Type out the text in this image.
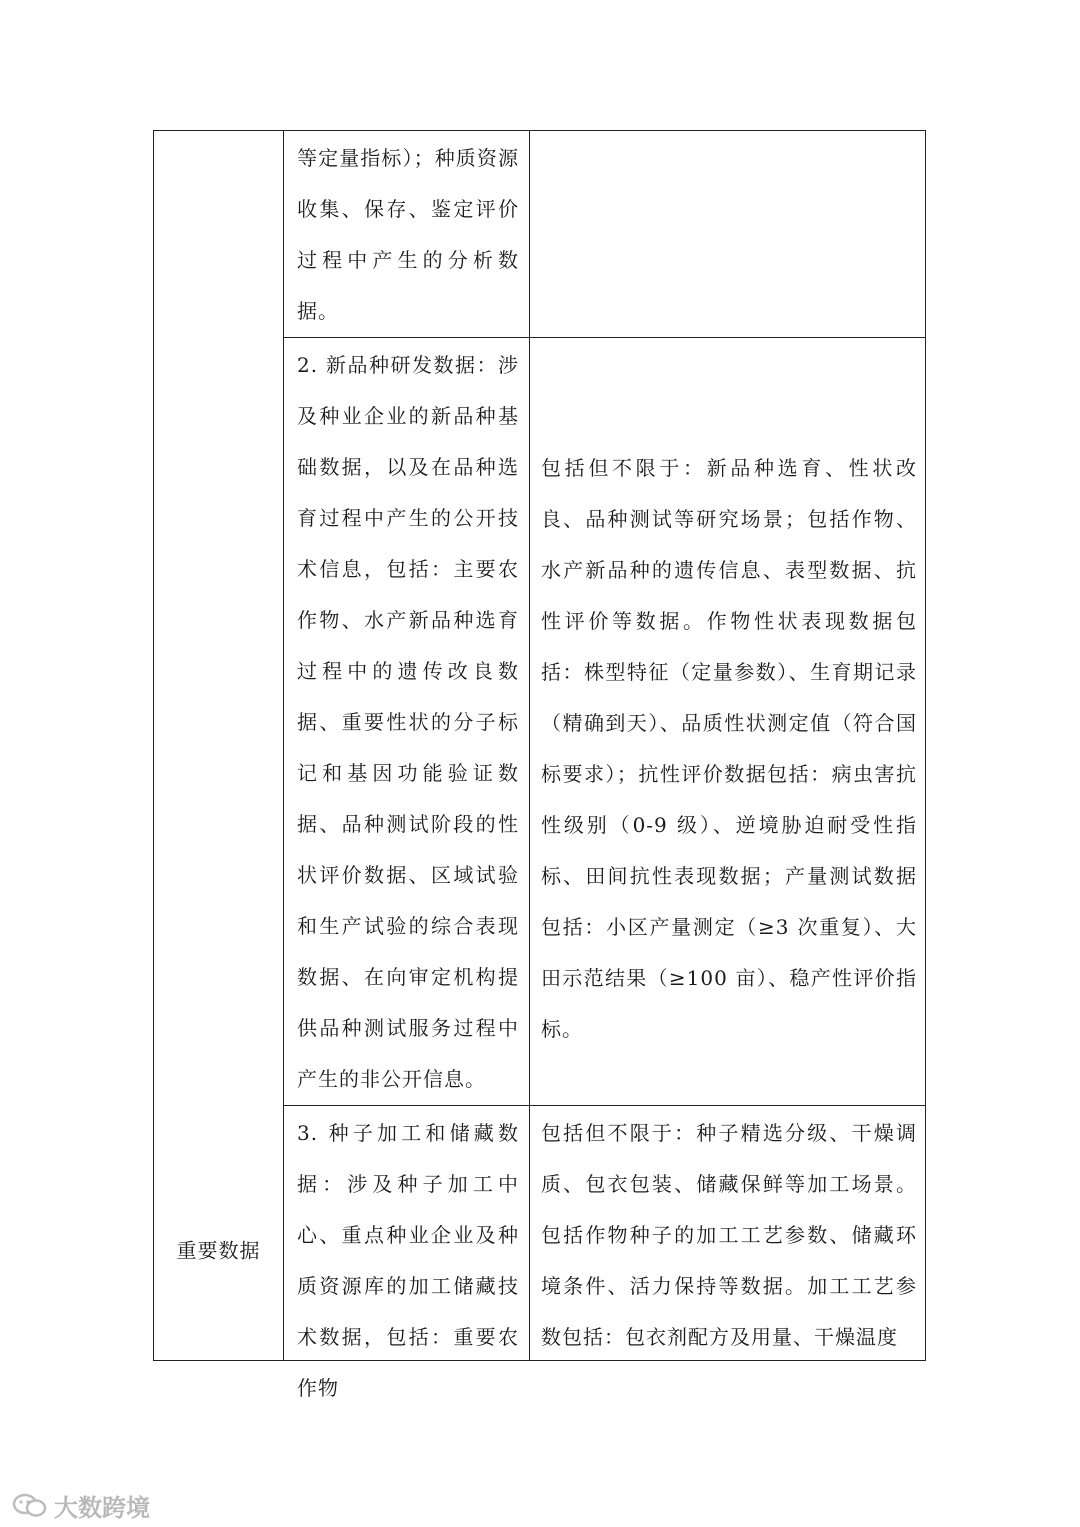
重要数据	等定量指标）；种质资源收集、保存、鉴定评价过程中产生的分析数据。	

	2. 新品种研发数据：涉及种业企业的新品种基础数据，以及在品种选育过程中产生的公开技术信息，包括：主要农作物、水产新品种选育过程中的遗传改良数据、重要性状的分子标记和基因功能验证数据、品种测试阶段的性状评价数据、区域试验和生产试验的综合表现数据、在向审定机构提供品种测试服务过程中产生的非公开信息。	包括但不限于：新品种选育、性状改良、品种测试等研究场景；包括作物、水产新品种的遗传信息、表型数据、抗性评价等数据。作物性状表现数据包括：株型特征（定量参数）、生育期记录（精确到天）、品质性状测定值（符合国标要求）；抗性评价数据包括：病虫害抗性级别（0-9 级）、逆境胁迫耐受性指标、田间抗性表现数据；产量测试数据包括：小区产量测定（≥3 次重复）、大田示范结果（≥100 亩）、稳产性评价指标。

	3. 种子加工和储藏数据：涉及种子加工中心、重点种业企业及种质资源库的加工储藏技术数据，包括：重要农作物	包括但不限于：种子精选分级、干燥调质、包衣包装、储藏保鲜等加工场景。包括作物种子的加工工艺参数、储藏环境条件、活力保持等数据。加工工艺参数包括：包衣剂配方及用量、干燥温度
大数跨境
